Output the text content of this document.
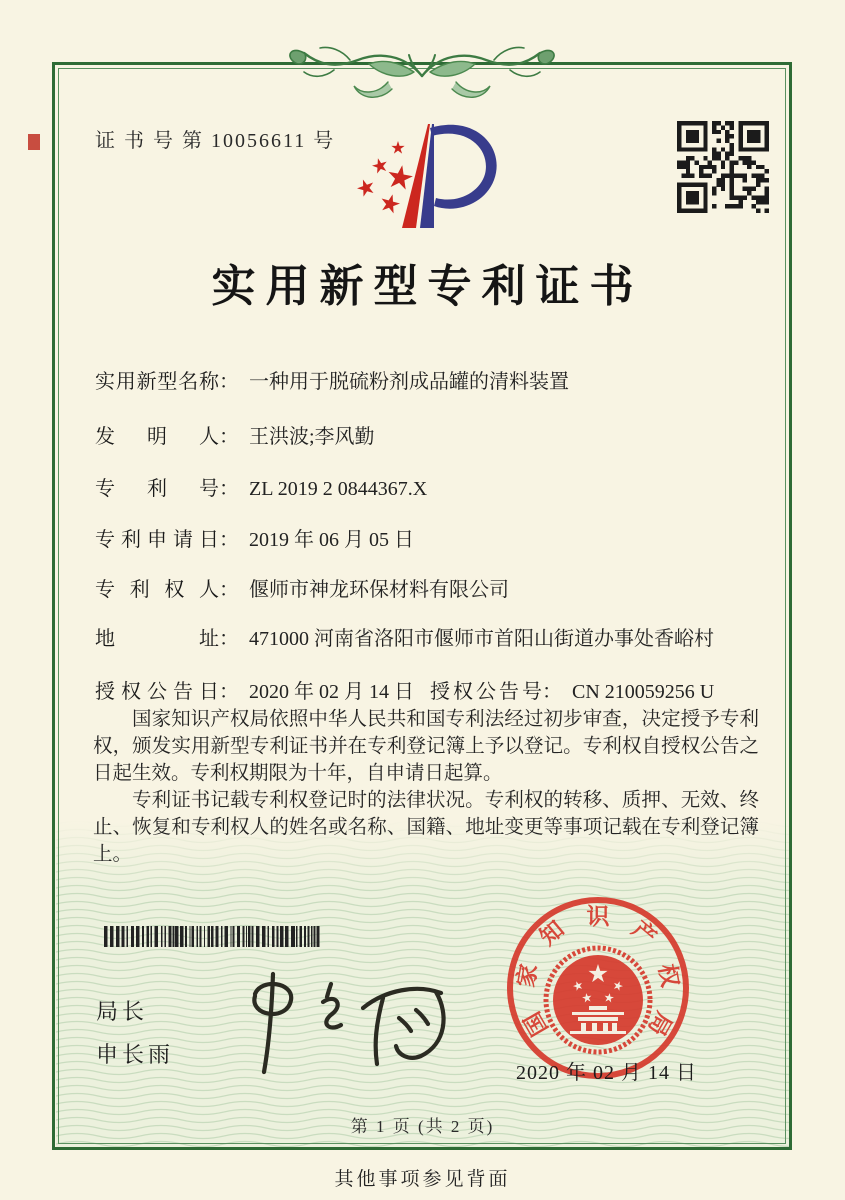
证 书 号 第 10056611 号
实用新型专利证书
实用新型名称： 一种用于脱硫粉剂成品罐的清料装置
发明人： 王洪波;李风勤
专利号： ZL 2019 2 0844367.X
专利申请日： 2019 年 06 月 05 日
专利权人： 偃师市神龙环保材料有限公司
地址： 471000 河南省洛阳市偃师市首阳山街道办事处香峪村
授权公告日： 2020 年 02 月 14 日 授权公告号： CN 210059256 U

国家知识产权局依照中华人民共和国专利法经过初步审查，决定授予专利权，颁发实用新型专利证书并在专利登记簿上予以登记。专利权自授权公告之日起生效。专利权期限为十年，自申请日起算。

专利证书记载专利权登记时的法律状况。专利权的转移、质押、无效、终止、恢复和专利权人的姓名或名称、国籍、地址变更等事项记载在专利登记簿上。

国
家
知 识 产
权
局
2020 年 02 月 14 日
局长
申长雨
第 1 页 (共 2 页)
其他事项参见背面
